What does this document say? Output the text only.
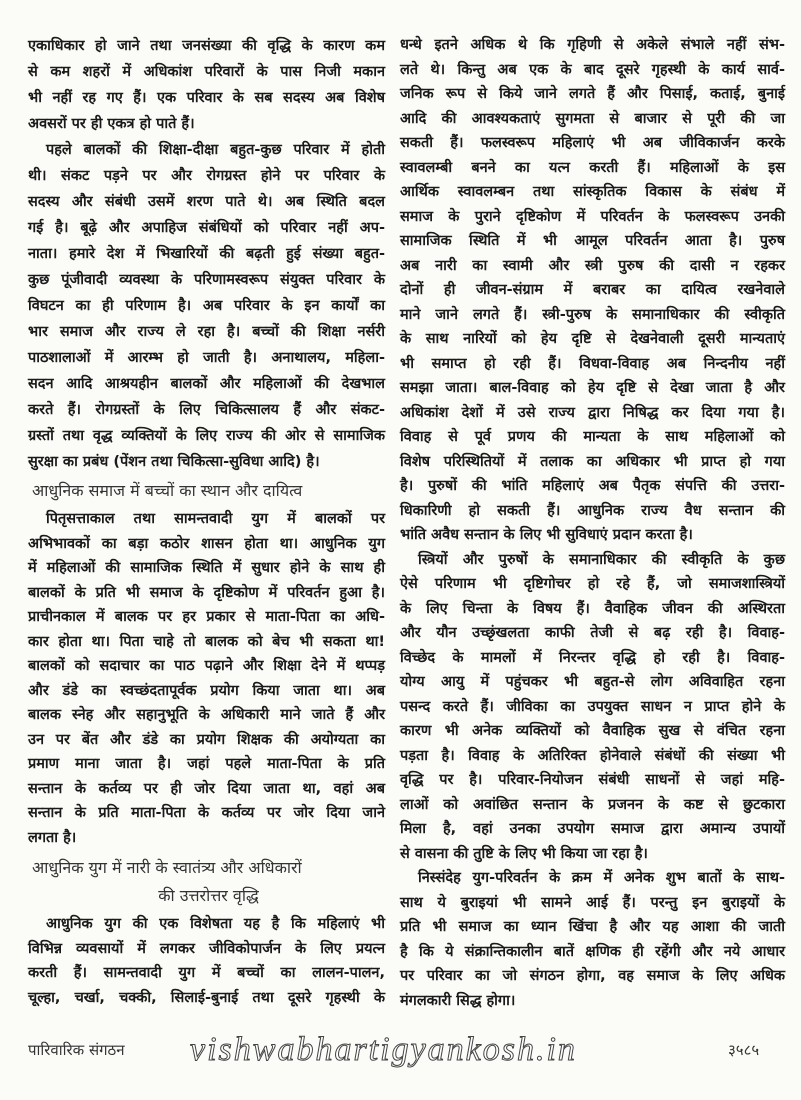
एकाधिकार हो जाने तथा जनसंख्या की वृद्धि के कारण कम
से कम शहरों में अधिकांश परिवारों के पास निजी मकान
भी नहीं रह गए हैं। एक परिवार के सब सदस्य अब विशेष
अवसरों पर ही एकत्र हो पाते हैं।
पहले बालकों की शिक्षा-दीक्षा बहुत-कुछ परिवार में होती
थी। संकट पड़ने पर और रोगग्रस्त होने पर परिवार के
सदस्य और संबंधी उसमें शरण पाते थे। अब स्थिति बदल
गई है। बूढ़े और अपाहिज संबंधियों को परिवार नहीं अप-
नाता। हमारे देश में भिखारियों की बढ़ती हुई संख्या बहुत-
कुछ पूंजीवादी व्यवस्था के परिणामस्वरूप संयुक्त परिवार के
विघटन का ही परिणाम है। अब परिवार के इन कार्यों का
भार समाज और राज्य ले रहा है। बच्चों की शिक्षा नर्सरी
पाठशालाओं में आरम्भ हो जाती है। अनाथालय, महिला-
सदन आदि आश्रयहीन बालकों और महिलाओं की देखभाल
करते हैं। रोगग्रस्तों के लिए चिकित्सालय हैं और संकट-
ग्रस्तों तथा वृद्ध व्यक्तियों के लिए राज्य की ओर से सामाजिक
सुरक्षा का प्रबंध (पेंशन तथा चिकित्सा-सुविधा आदि) है।
आधुनिक समाज में बच्चों का स्थान और दायित्व
पितृसत्ताकाल तथा सामन्तवादी युग में बालकों पर
अभिभावकों का बड़ा कठोर शासन होता था। आधुनिक युग
में महिलाओं की सामाजिक स्थिति में सुधार होने के साथ ही
बालकों के प्रति भी समाज के दृष्टिकोण में परिवर्तन हुआ है।
प्राचीनकाल में बालक पर हर प्रकार से माता-पिता का अधि-
कार होता था। पिता चाहे तो बालक को बेच भी सकता था!
बालकों को सदाचार का पाठ पढ़ाने और शिक्षा देने में थप्पड़
और डंडे का स्वच्छंदतापूर्वक प्रयोग किया जाता था। अब
बालक स्नेह और सहानुभूति के अधिकारी माने जाते हैं और
उन पर बेंत और डंडे का प्रयोग शिक्षक की अयोग्यता का
प्रमाण माना जाता है। जहां पहले माता-पिता के प्रति
सन्तान के कर्तव्य पर ही जोर दिया जाता था, वहां अब
सन्तान के प्रति माता-पिता के कर्तव्य पर जोर दिया जाने
लगता है।
आधुनिक युग में नारी के स्वातंत्र्य और अधिकारों
की उत्तरोत्तर वृद्धि
आधुनिक युग की एक विशेषता यह है कि महिलाएं भी
विभिन्न व्यवसायों में लगकर जीविकोपार्जन के लिए प्रयत्न
करती हैं। सामन्तवादी युग में बच्चों का लालन-पालन,
चूल्हा, चर्खा, चक्की, सिलाई-बुनाई तथा दूसरे गृहस्थी के
धन्धे इतने अधिक थे कि गृहिणी से अकेले संभाले नहीं संभ-
लते थे। किन्तु अब एक के बाद दूसरे गृहस्थी के कार्य सार्व-
जनिक रूप से किये जाने लगते हैं और पिसाई, कताई, बुनाई
आदि की आवश्यकताएं सुगमता से बाजार से पूरी की जा
सकती हैं। फलस्वरूप महिलाएं भी अब जीविकार्जन करके
स्वावलम्बी बनने का यत्न करती हैं। महिलाओं के इस
आर्थिक स्वावलम्बन तथा सांस्कृतिक विकास के संबंध में
समाज के पुराने दृष्टिकोण में परिवर्तन के फलस्वरूप उनकी
सामाजिक स्थिति में भी आमूल परिवर्तन आता है। पुरुष
अब नारी का स्वामी और स्त्री पुरुष की दासी न रहकर
दोनों ही जीवन-संग्राम में बराबर का दायित्व रखनेवाले
माने जाने लगते हैं। स्त्री-पुरुष के समानाधिकार की स्वीकृति
के साथ नारियों को हेय दृष्टि से देखनेवाली दूसरी मान्यताएं
भी समाप्त हो रही हैं। विधवा-विवाह अब निन्दनीय नहीं
समझा जाता। बाल-विवाह को हेय दृष्टि से देखा जाता है और
अधिकांश देशों में उसे राज्य द्वारा निषिद्ध कर दिया गया है।
विवाह से पूर्व प्रणय की मान्यता के साथ महिलाओं को
विशेष परिस्थितियों में तलाक का अधिकार भी प्राप्त हो गया
है। पुरुषों की भांति महिलाएं अब पैतृक संपत्ति की उत्तरा-
धिकारिणी हो सकती हैं। आधुनिक राज्य वैध सन्तान की
भांति अवैध सन्तान के लिए भी सुविधाएं प्रदान करता है।
स्त्रियों और पुरुषों के समानाधिकार की स्वीकृति के कुछ
ऐसे परिणाम भी दृष्टिगोचर हो रहे हैं, जो समाजशास्त्रियों
के लिए चिन्ता के विषय हैं। वैवाहिक जीवन की अस्थिरता
और यौन उच्छृंखलता काफी तेजी से बढ़ रही है। विवाह-
विच्छेद के मामलों में निरन्तर वृद्धि हो रही है। विवाह-
योग्य आयु में पहुंचकर भी बहुत-से लोग अविवाहित रहना
पसन्द करते हैं। जीविका का उपयुक्त साधन न प्राप्त होने के
कारण भी अनेक व्यक्तियों को वैवाहिक सुख से वंचित रहना
पड़ता है। विवाह के अतिरिक्त होनेवाले संबंधों की संख्या भी
वृद्धि पर है। परिवार-नियोजन संबंधी साधनों से जहां महि-
लाओं को अवांछित सन्तान के प्रजनन के कष्ट से छुटकारा
मिला है, वहां उनका उपयोग समाज द्वारा अमान्य उपायों
से वासना की तुष्टि के लिए भी किया जा रहा है।
निस्संदेह युग-परिवर्तन के क्रम में अनेक शुभ बातों के साथ-
साथ ये बुराइयां भी सामने आई हैं। परन्तु इन बुराइयों के
प्रति भी समाज का ध्यान खिंचा है और यह आशा की जाती
है कि ये संक्रान्तिकालीन बातें क्षणिक ही रहेंगी और नये आधार
पर परिवार का जो संगठन होगा, वह समाज के लिए अधिक
मंगलकारी सिद्ध होगा।
पारिवारिक संगठन vishwabhartigyankosh.in	३५८५
